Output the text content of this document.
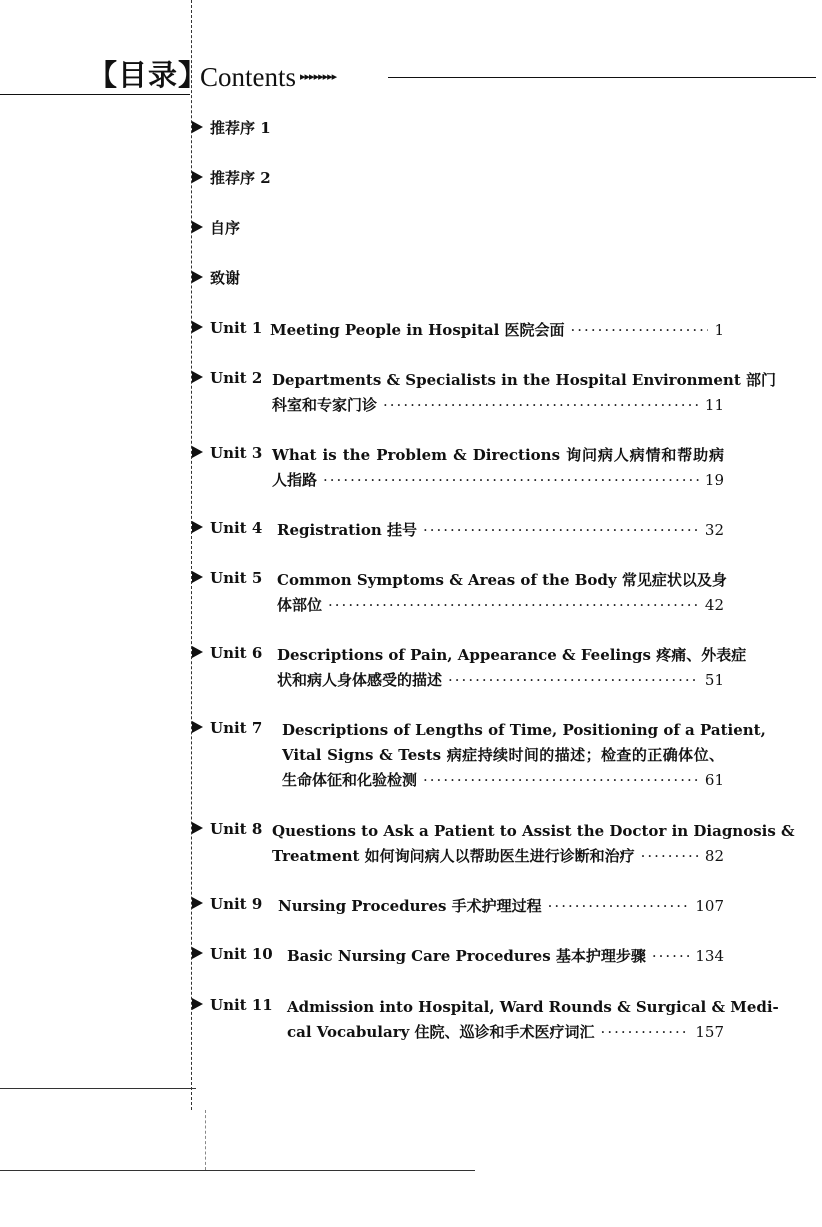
【目录】
Contents ▸▸▸▸▸▸▸▸
推荐序 1
推荐序 2
自序
致谢
Unit 1 Meeting People in Hospital 医院会面 ·····	1
Unit 2 Departments & Specialists in the Hospital Environment 部门
科室和专家门诊 ·····	11
Unit 3 What is the Problem & Directions 询问病人病情和帮助病
人指路 ·····	19
Unit 4 Registration 挂号 ·····	32
Unit 5 Common Symptoms & Areas of the Body 常见症状以及身
体部位 ·····	42
Unit 6 Descriptions of Pain, Appearance & Feelings 疼痛、外表症
状和病人身体感受的描述 ·····	51
Unit 7 Descriptions of Lengths of Time, Positioning of a Patient,
Vital Signs & Tests 病症持续时间的描述；检查的正确体位、
生命体征和化验检测 ·····	61
Unit 8 Questions to Ask a Patient to Assist the Doctor in Diagnosis &
Treatment 如何询问病人以帮助医生进行诊断和治疗 ·····	82
Unit 9 Nursing Procedures 手术护理过程 ·····	107
Unit 10 Basic Nursing Care Procedures 基本护理步骤 ·····	134
Unit 11 Admission into Hospital, Ward Rounds & Surgical & Medi-
cal Vocabulary 住院、巡诊和手术医疗词汇 ·····	157
